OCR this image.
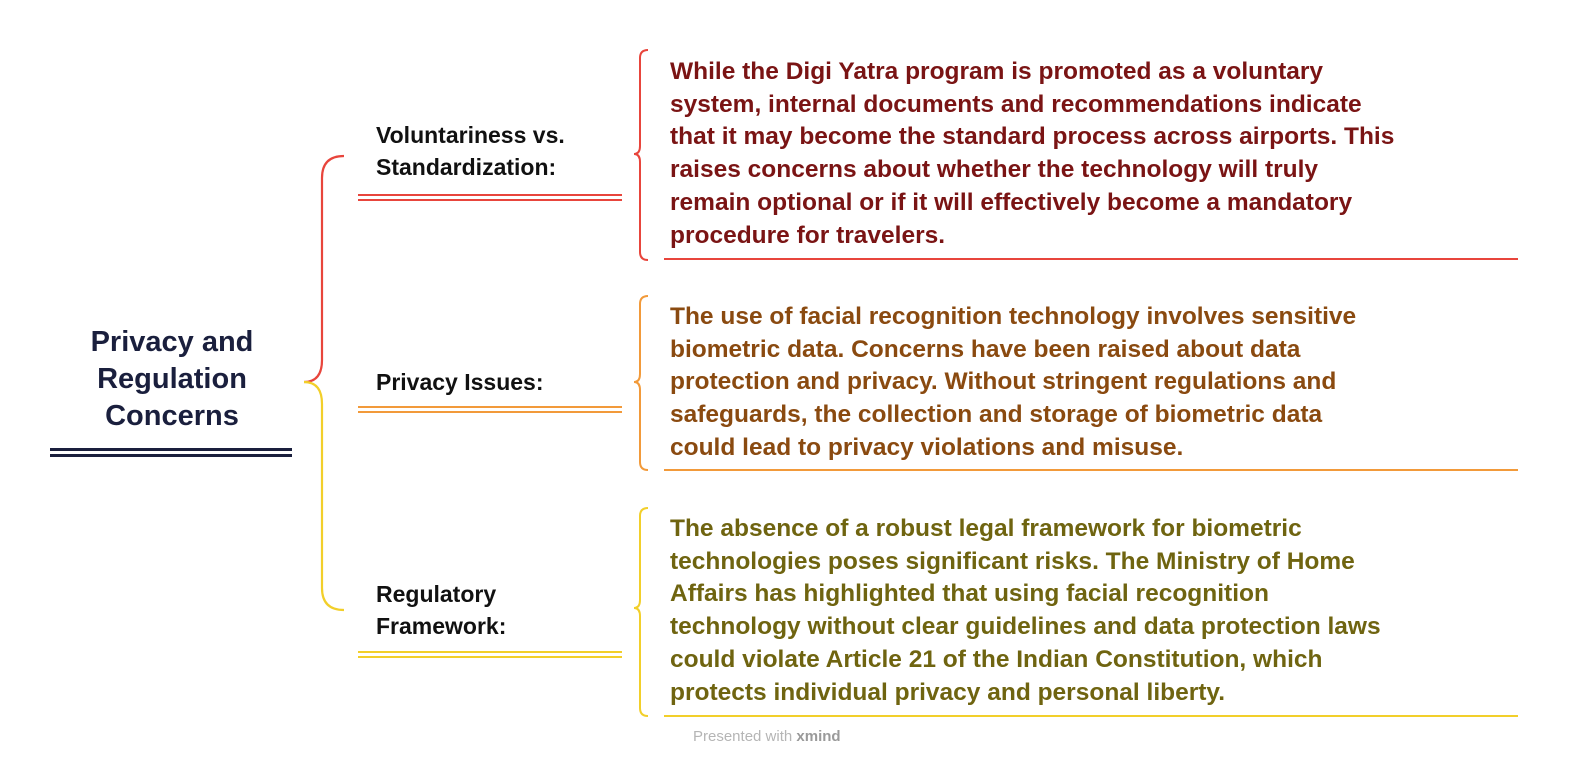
Privacy and
Regulation
Concerns
Voluntariness vs.
Standardization:
While the Digi Yatra program is promoted as a voluntary
system, internal documents and recommendations indicate
that it may become the standard process across airports. This
raises concerns about whether the technology will truly
remain optional or if it will effectively become a mandatory
procedure for travelers.
Privacy Issues:
The use of facial recognition technology involves sensitive
biometric data. Concerns have been raised about data
protection and privacy. Without stringent regulations and
safeguards, the collection and storage of biometric data
could lead to privacy violations and misuse.
Regulatory
Framework:
The absence of a robust legal framework for biometric
technologies poses significant risks. The Ministry of Home
Affairs has highlighted that using facial recognition
technology without clear guidelines and data protection laws
could violate Article 21 of the Indian Constitution, which
protects individual privacy and personal liberty.
Presented with xmind
